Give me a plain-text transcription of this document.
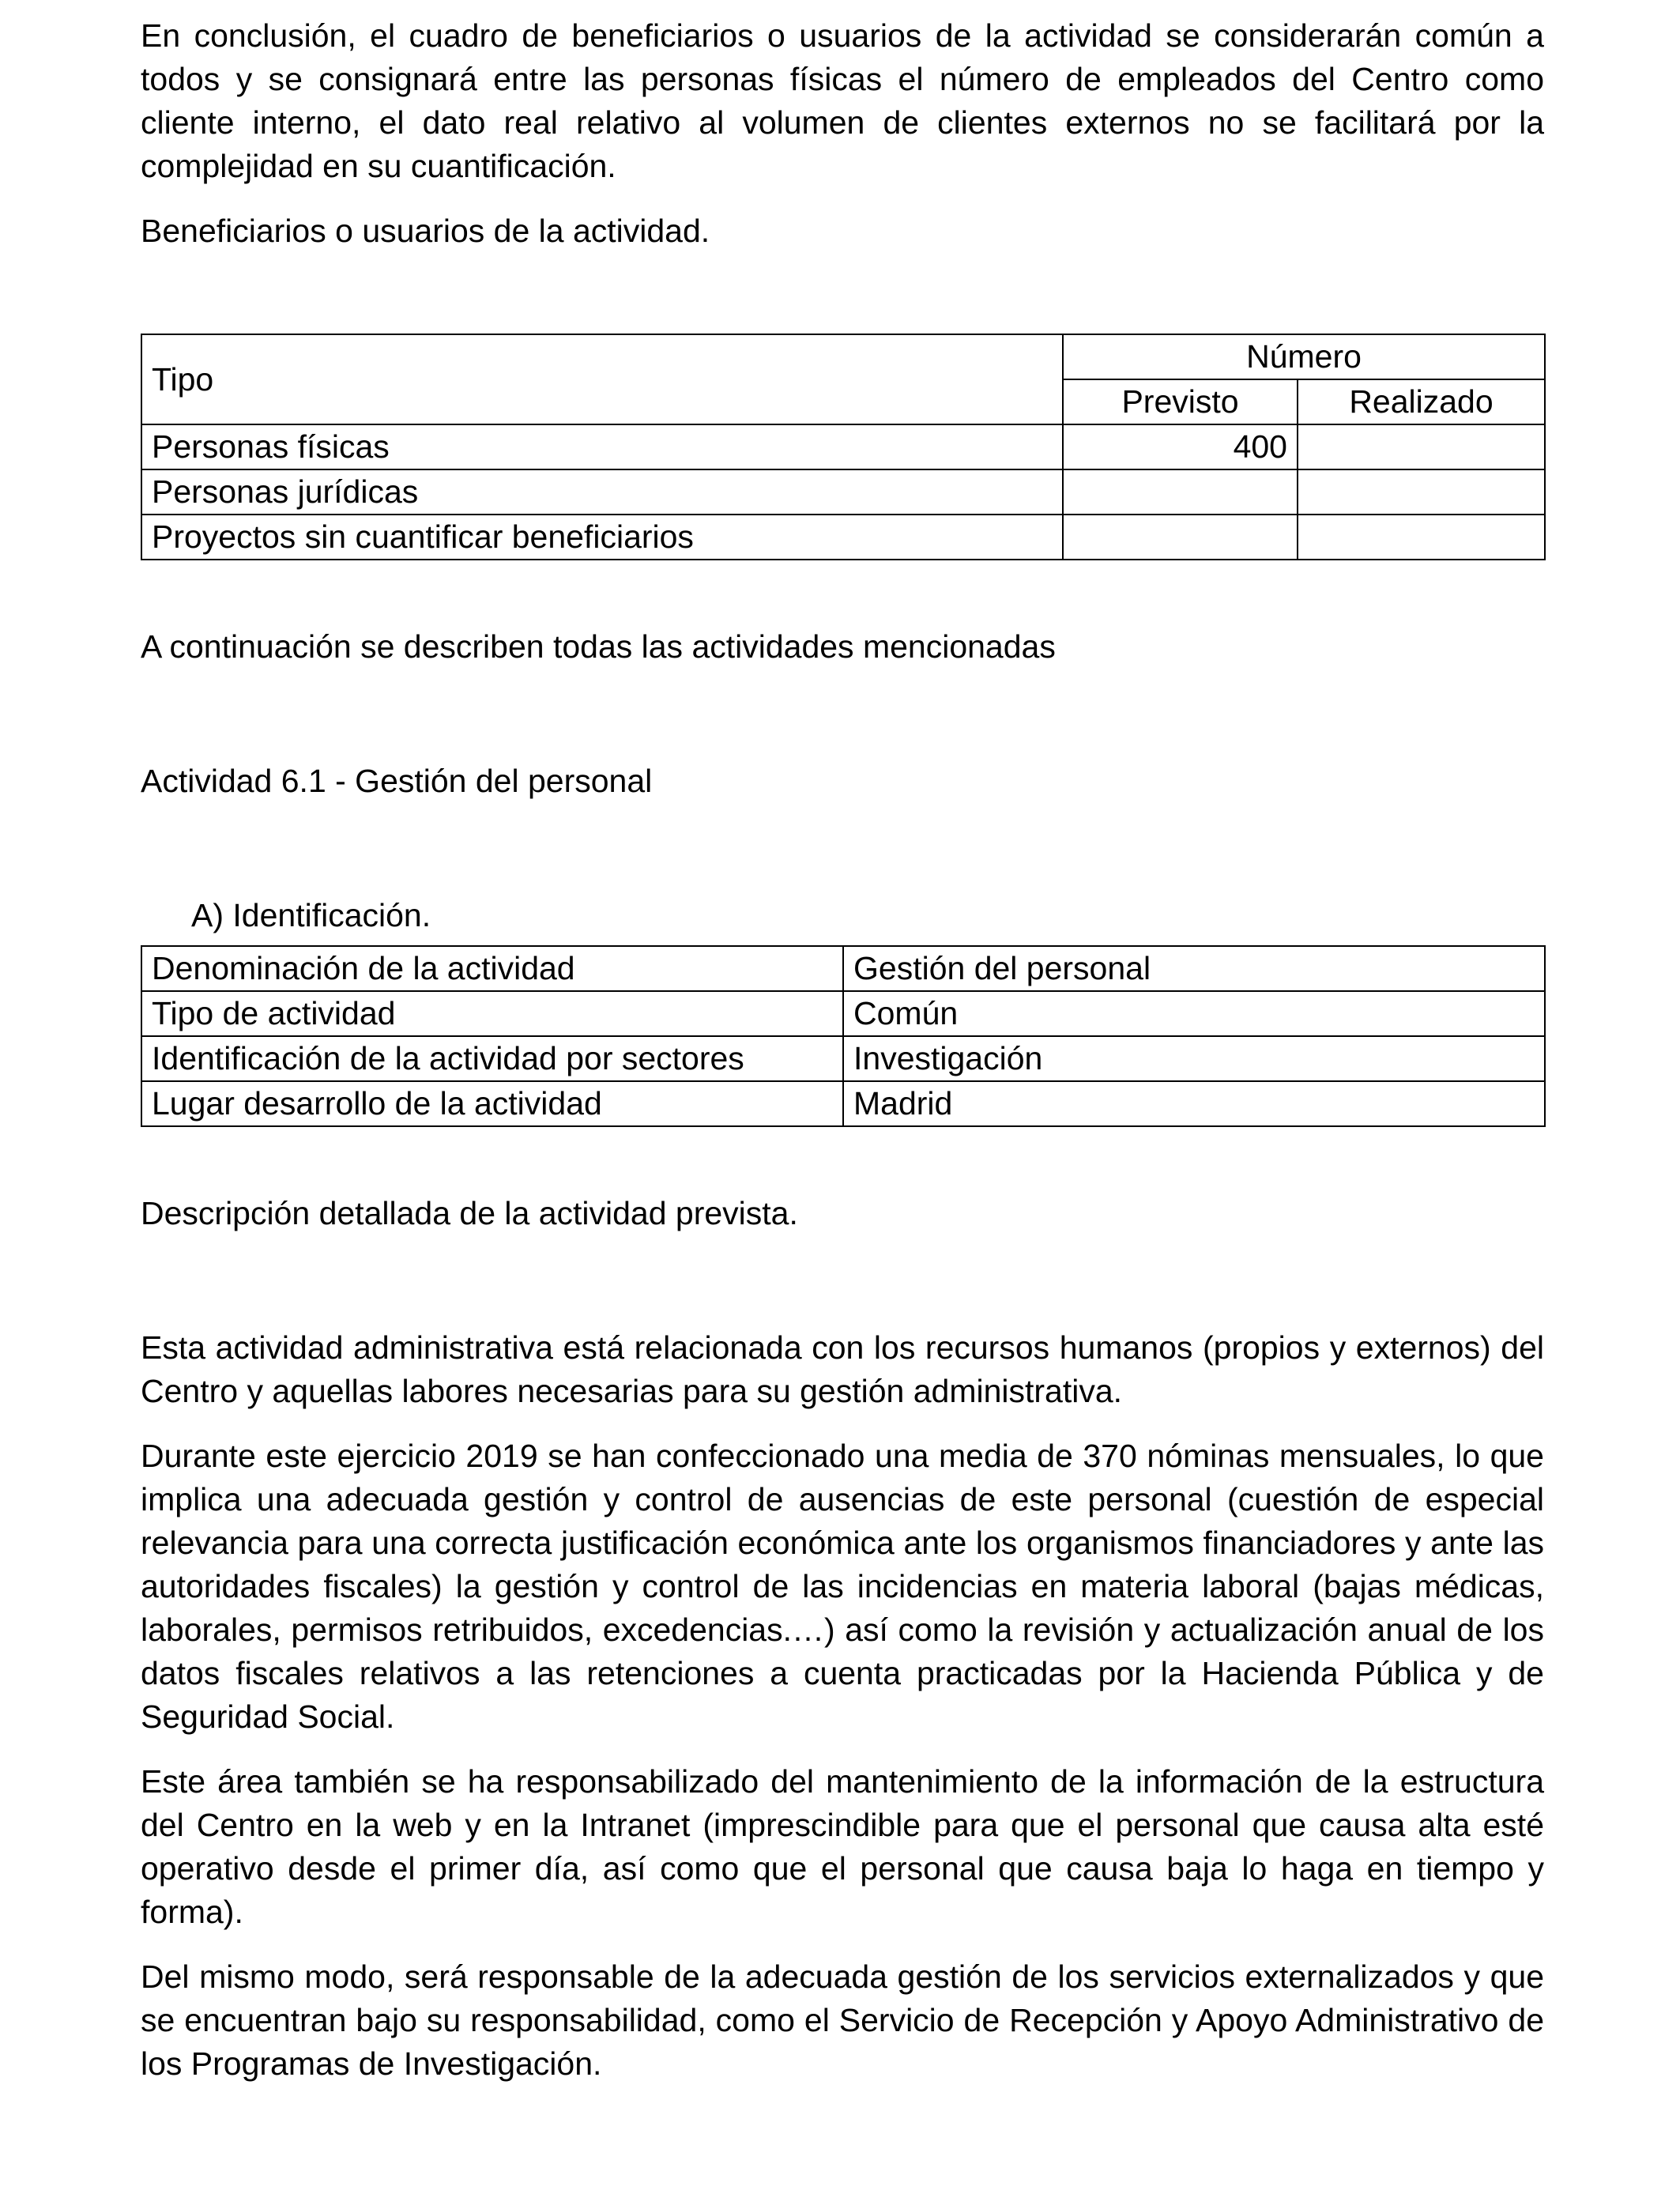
En conclusión, el cuadro de beneficiarios o usuarios de la actividad se considerarán común a todos y se consignará entre las personas físicas el número de empleados del Centro como cliente interno, el dato real relativo al volumen de clientes externos no se facilitará por la complejidad en su cuantificación.

Beneficiarios o usuarios de la actividad.

Tipo	Número	
	Previsto	Realizado
Personas físicas	400	
Personas jurídicas		
Proyectos sin cuantificar beneficiarios		

A continuación se describen todas las actividades mencionadas

Actividad 6.1 - Gestión del personal

A) Identificación.

Denominación de la actividad	Gestión del personal
Tipo de actividad	Común
Identificación de la actividad por sectores	Investigación
Lugar desarrollo de la actividad	Madrid

Descripción detallada de la actividad prevista.

Esta actividad administrativa está relacionada con los recursos humanos (propios y externos) del Centro y aquellas labores necesarias para su gestión administrativa.

Durante este ejercicio 2019 se han confeccionado una media de 370 nóminas mensuales, lo que implica una adecuada gestión y control de ausencias de este personal (cuestión de especial relevancia para una correcta justificación económica ante los organismos financiadores y ante las autoridades fiscales) la gestión y control de las incidencias en materia laboral (bajas médicas, laborales, permisos retribuidos, excedencias.…) así como la revisión y actualización anual de los datos fiscales relativos a las retenciones a cuenta practicadas por la Hacienda Pública y de Seguridad Social.

Este área también se ha responsabilizado del mantenimiento de la información de la estructura del Centro en la web y en la Intranet (imprescindible para que el personal que causa alta esté operativo desde el primer día, así como que el personal que causa baja lo haga en tiempo y forma).

Del mismo modo, será responsable de la adecuada gestión de los servicios externalizados y que se encuentran bajo su responsabilidad, como el Servicio de Recepción y Apoyo Administrativo de los Programas de Investigación.
